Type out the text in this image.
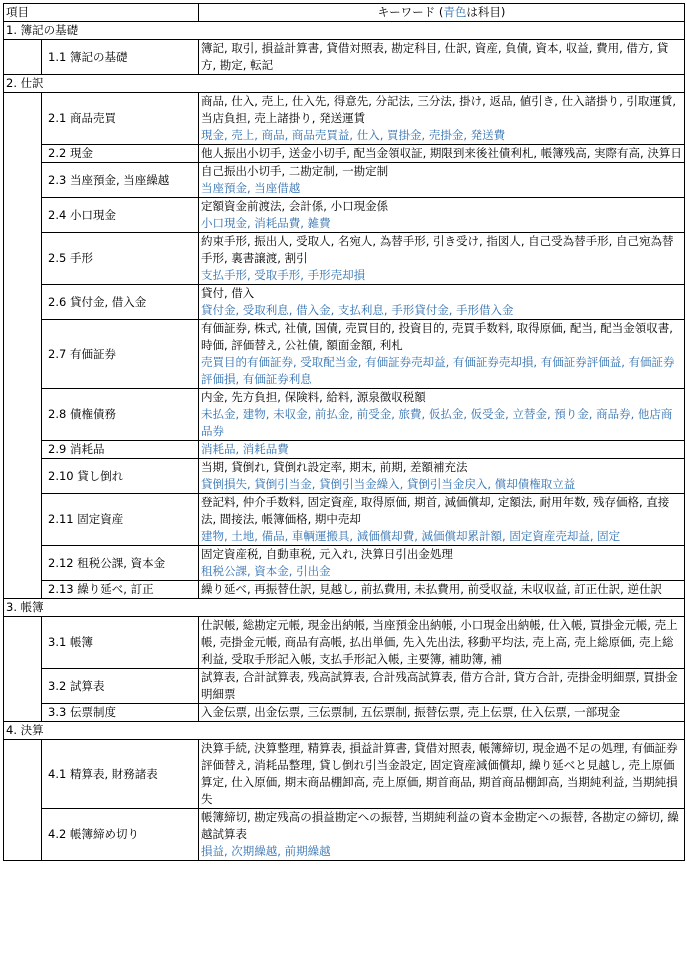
項目		キーワード (青色は科目)
1. 簿記の基礎		
	1.1 簿記の基礎	簿記, 取引, 損益計算書, 貸借対照表, 勘定科目, 仕訳, 資産, 負債, 資本, 収益, 費用, 借方, 貸方, 勘定, 転記

2. 仕訳		
	2.1 商品売買	商品, 仕入, 売上, 仕入先, 得意先, 分記法, 三分法, 掛け, 返品, 値引き, 仕入諸掛り, 引取運賃, 当店負担, 売上諸掛り, 発送運賃
現金, 売上, 商品, 商品売買益, 仕入, 買掛金, 売掛金, 発送費

	2.2 現金	他人振出小切手, 送金小切手, 配当金領収証, 期限到来後社債利札, 帳簿残高, 実際有高, 決算日

	2.3 当座預金, 当座繰越	自己振出小切手, 二勘定制, 一勘定制
当座預金, 当座借越

	2.4 小口現金	定額資金前渡法, 会計係, 小口現金係
小口現金, 消耗品費, 雑費

	2.5 手形	約束手形, 振出人, 受取人, 名宛人, 為替手形, 引き受け, 指図人, 自己受為替手形, 自己宛為替手形, 裏書譲渡, 割引
支払手形, 受取手形, 手形売却損

	2.6 貸付金, 借入金	貸付, 借入
貸付金, 受取利息, 借入金, 支払利息, 手形貸付金, 手形借入金

	2.7 有価証券	有価証券, 株式, 社債, 国債, 売買目的, 投資目的, 売買手数料, 取得原価, 配当, 配当金領収書, 時価, 評価替え, 公社債, 額面金額, 利札
売買目的有価証券, 受取配当金, 有価証券売却益, 有価証券売却損, 有価証券評価益, 有価証券評価損, 有価証券利息

	2.8 債権債務	内金, 先方負担, 保険料, 給料, 源泉徴収税額
未払金, 建物, 未収金, 前払金, 前受金, 旅費, 仮払金, 仮受金, 立替金, 預り金, 商品券, 他店商品券

	2.9 消耗品	消耗品, 消耗品費

	2.10 貸し倒れ	当期, 貸倒れ, 貸倒れ設定率, 期末, 前期, 差額補充法
貸倒損失, 貸倒引当金, 貸倒引当金繰入, 貸倒引当金戻入, 償却債権取立益

	2.11 固定資産	登記料, 仲介手数料, 固定資産, 取得原価, 期首, 減価償却, 定額法, 耐用年数, 残存価格, 直接法, 間接法, 帳簿価格, 期中売却
建物, 土地, 備品, 車輌運搬具, 減価償却費, 減価償却累計額, 固定資産売却益, 固定

	2.12 租税公課, 資本金	固定資産税, 自動車税, 元入れ, 決算日引出金処理
租税公課, 資本金, 引出金

	2.13 繰り延べ, 訂正	繰り延べ, 再振替仕訳, 見越し, 前払費用, 未払費用, 前受収益, 未収収益, 訂正仕訳, 逆仕訳

3. 帳簿		
	3.1 帳簿	仕訳帳, 総勘定元帳, 現金出納帳, 当座預金出納帳, 小口現金出納帳, 仕入帳, 買掛金元帳, 売上帳, 売掛金元帳, 商品有高帳, 払出単価, 先入先出法, 移動平均法, 売上高, 売上総原価, 売上総利益, 受取手形記入帳, 支払手形記入帳, 主要簿, 補助簿, 補

	3.2 試算表	試算表, 合計試算表, 残高試算表, 合計残高試算表, 借方合計, 貸方合計, 売掛金明細票, 買掛金明細票

	3.3 伝票制度	入金伝票, 出金伝票, 三伝票制, 五伝票制, 振替伝票, 売上伝票, 仕入伝票, 一部現金

4. 決算		
	4.1 精算表, 財務諸表	決算手続, 決算整理, 精算表, 損益計算書, 貸借対照表, 帳簿締切, 現金過不足の処理, 有価証券評価替え, 消耗品整理, 貸し倒れ引当金設定, 固定資産減価償却, 繰り延べと見越し, 売上原価算定, 仕入原価, 期末商品棚卸高, 売上原価, 期首商品, 期首商品棚卸高, 当期純利益, 当期純損失

	4.2 帳簿締め切り	帳簿締切, 勘定残高の損益勘定への振替, 当期純利益の資本金勘定への振替, 各勘定の締切, 繰越試算表
損益, 次期繰越, 前期繰越
